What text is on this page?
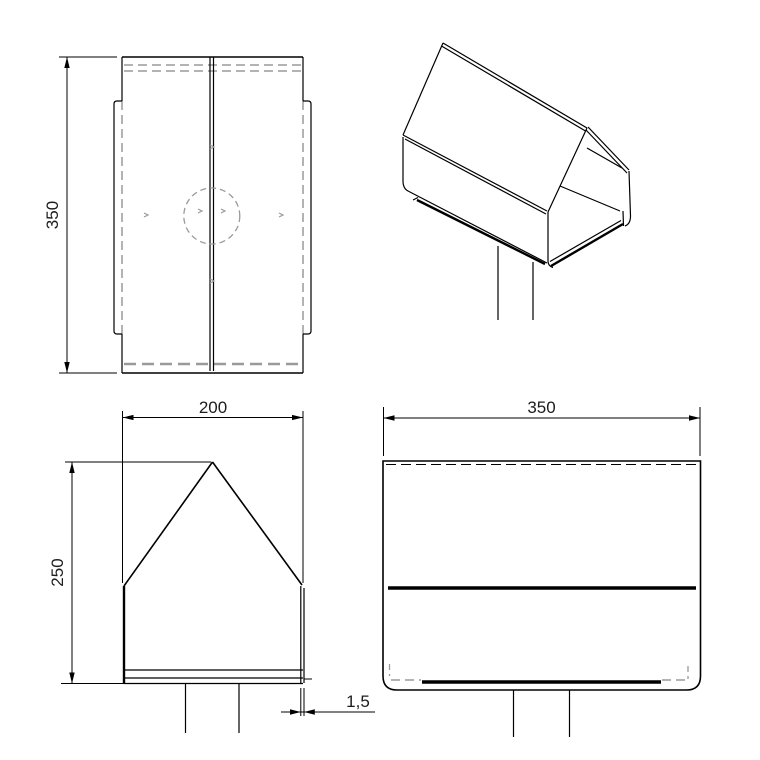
350
200
250
1,5
350
